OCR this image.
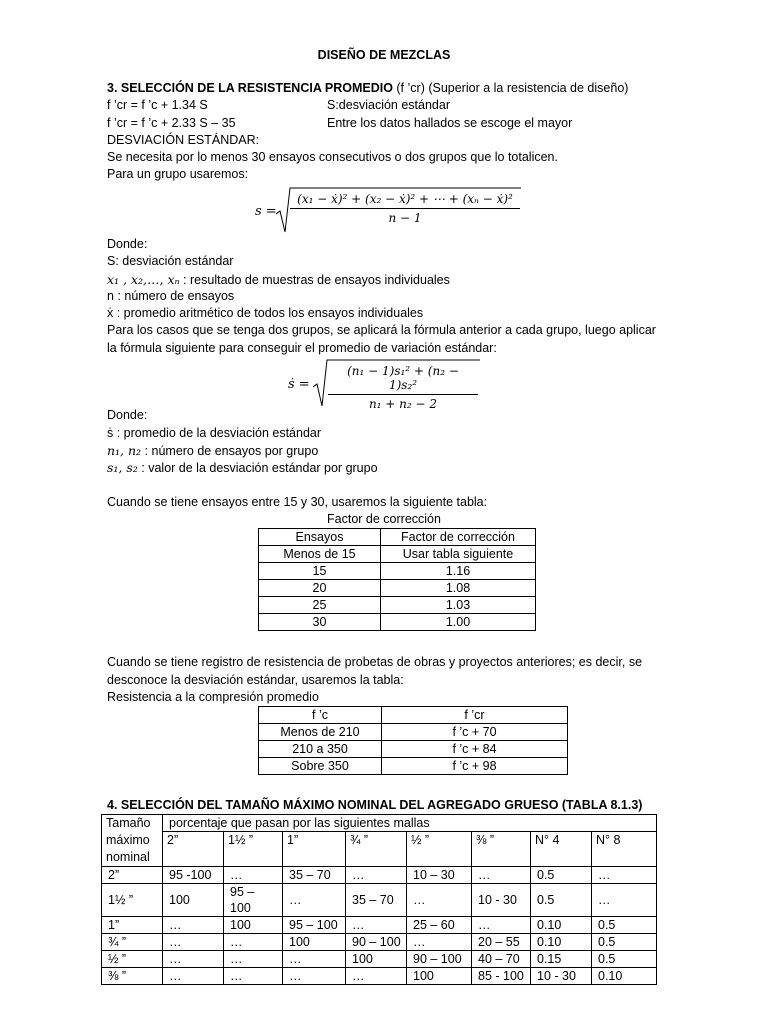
DISEÑO DE MEZCLAS
3. SELECCIÓN DE LA RESISTENCIA PROMEDIO (f ’cr) (Superior a la resistencia de diseño)
f ’cr = f ’c + 1.34 S	S:desviación estándar
f ’cr = f ’c + 2.33 S – 35	Entre los datos hallados se escoge el mayor
DESVIACIÓN ESTÁNDAR:
Se necesita por lo menos 30 ensayos consecutivos o dos grupos que lo totalicen.
Para un grupo usaremos:
$s = \frac{\text{(x₁ − ẋ)² + (x₂ − ẋ)² + ⋯ + (xₙ − ẋ)²}}{n - 1}$
Donde:
S: desviación estándar
x₁ , x₂,…, xₙ : resultado de muestras de ensayos individuales
n : número de ensayos
ẋ : promedio aritmético de todos los ensayos individuales
Para los casos que se tenga dos grupos, se aplicará la fórmula anterior a cada grupo, luego aplicar
la fórmula siguiente para conseguir el promedio de variación estándar:
ṡ = $\frac{\text{(n₁ − 1)s₁² + (n₂ − 1)s₂²}}{\text{n₁ + n₂ − 2}}$
Donde:
ṡ : promedio de la desviación estándar
n₁, n₂ : número de ensayos por grupo
s₁, s₂ : valor de la desviación estándar por grupo
Cuando se tiene ensayos entre 15 y 30, usaremos la siguiente tabla:
Factor de corrección
Ensayos	Factor de corrección
Menos de 15	Usar tabla siguiente
15	1.16
20	1.08
25	1.03
30	1.00
Cuando se tiene registro de resistencia de probetas de obras y proyectos anteriores; es decir, se
desconoce la desviación estándar, usaremos la tabla:
Resistencia a la compresión promedio
f ’c	f ’cr
Menos de 210	f ’c + 70
210 a 350	f ’c + 84
Sobre 350	f ’c + 98
4. SELECCIÓN DEL TAMAÑO MÁXIMO NOMINAL DEL AGREGADO GRUESO (TABLA 8.1.3)
Tamaño máximo nominal	porcentaje que pasan por las siguientes mallas							
	2”	1½ ”	1”	¾ ”	½ ”	⅜ ”	N° 4	N° 8
2”	95 -100	…	35 – 70	…	10 – 30	…	0.5	…
1½ ”	100	95 – 100	…	35 – 70	…	10 - 30	0.5	…
1”	…	100	95 – 100	…	25 – 60	…	0.10	0.5
¾ ”	…	…	100	90 – 100	…	20 – 55	0.10	0.5
½ ”	…	…	…	100	90 – 100	40 – 70	0.15	0.5
⅜ ”	…	…	…	…	100	85 - 100	10 - 30	0.10
